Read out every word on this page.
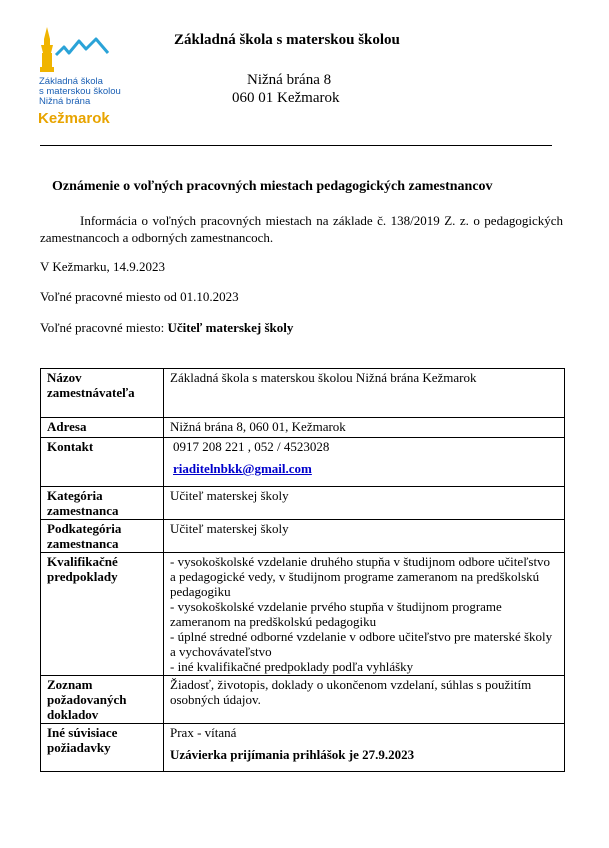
Základná škola
s materskou školou
Nižná brána
Kežmarok
Základná škola s materskou školou
Nižná brána 8
060 01 Kežmarok
Oznámenie o voľných pracovných miestach pedagogických zamestnancov
Informácia o voľných pracovných miestach na základe č. 138/2019 Z. z. o pedagogických zamestnancoch a odborných zamestnancoch.
V Kežmarku, 14.9.2023
Voľné pracovné miesto od 01.10.2023
Voľné pracovné miesto: Učiteľ materskej školy
Názov zamestnávateľa	Základná škola s materskou školou Nižná brána Kežmarok
Adresa	Nižná brána 8, 060 01, Kežmarok
Kontakt	0917 208 221 , 052 / 4523028
riaditelnbkk@gmail.com

Kategória zamestnanca	Učiteľ materskej školy
Podkategória zamestnanca	Učiteľ materskej školy
Kvalifikačné predpoklady	- vysokoškolské vzdelanie druhého stupňa v študijnom odbore učiteľstvo a pedagogické vedy, v študijnom programe zameranom na predškolskú pedagogiku
- vysokoškolské vzdelanie prvého stupňa v študijnom programe zameranom na predškolskú pedagogiku
- úplné stredné odborné vzdelanie v odbore učiteľstvo pre materské školy a vychovávateľstvo
- iné kvalifikačné predpoklady podľa vyhlášky

Zoznam požadovaných dokladov	Žiadosť, životopis, doklady o ukončenom vzdelaní, súhlas s použitím osobných údajov.
Iné súvisiace požiadavky	Prax - vítaná
Uzávierka prijímania prihlášok je 27.9.2023
